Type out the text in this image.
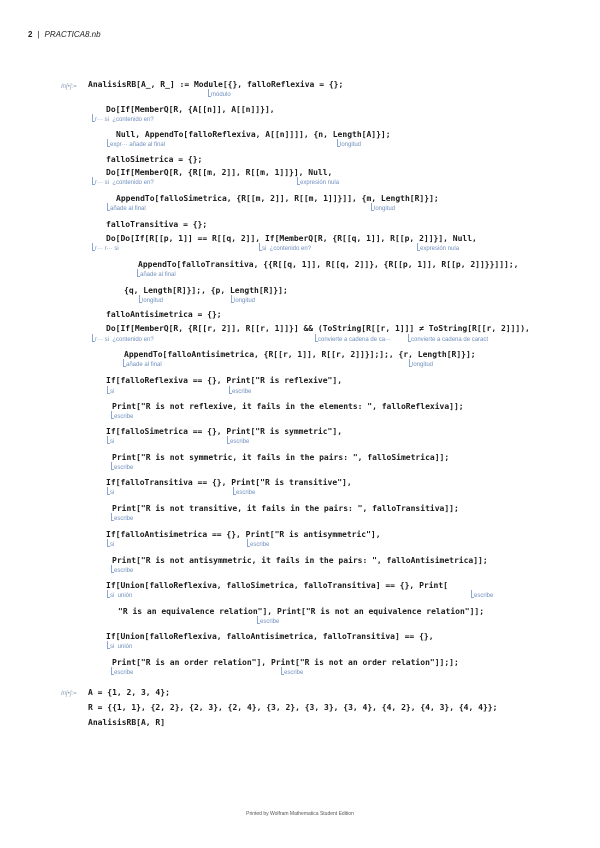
2 | PRACTICA8.nb
In[•]:=
In[•]:=
AnalisisRB[A_, R_] := Module[{}, falloReflexiva = {};
Do[If[MemberQ[R, {A[[n]], A[[n]]}],
Null, AppendTo[falloReflexiva, A[[n]]]], {n, Length[A]}];
falloSimetrica = {};
Do[If[MemberQ[R, {R[[m, 2]], R[[m, 1]]}], Null,
AppendTo[falloSimetrica, {R[[m, 2]], R[[m, 1]]}]], {m, Length[R]}];
falloTransitiva = {};
Do[Do[If[R[[p, 1]] == R[[q, 2]], If[MemberQ[R, {R[[q, 1]], R[[p, 2]]}], Null,
AppendTo[falloTransitiva, {{R[[q, 1]], R[[q, 2]]}, {R[[p, 1]], R[[p, 2]]}}]]];,
{q, Length[R]}];, {p, Length[R]}];
falloAntisimetrica = {};
Do[If[MemberQ[R, {R[[r, 2]], R[[r, 1]]}] && (ToString[R[[r, 1]]] ≠ ToString[R[[r, 2]]]),
AppendTo[falloAntisimetrica, {R[[r, 1]], R[[r, 2]]}];];, {r, Length[R]}];
If[falloReflexiva == {}, Print["R is reflexive"],
Print["R is not reflexive, it fails in the elements: ", falloReflexiva]];
If[falloSimetrica == {}, Print["R is symmetric"],
Print["R is not symmetric, it fails in the pairs: ", falloSimetrica]];
If[falloTransitiva == {}, Print["R is transitive"],
Print["R is not transitive, it fails in the pairs: ", falloTransitiva]];
If[falloAntisimetrica == {}, Print["R is antisymmetric"],
Print["R is not antisymmetric, it fails in the pairs: ", falloAntisimetrica]];
If[Union[falloReflexiva, falloSimetrica, falloTransitiva] == {}, Print[
"R is an equivalence relation"], Print["R is not an equivalence relation"]];
If[Union[falloReflexiva, falloAntisimetrica, falloTransitiva] == {},
Print["R is an order relation"], Print["R is not an order relation"]];];
A = {1, 2, 3, 4};
R = {{1, 1}, {2, 2}, {2, 3}, {2, 4}, {3, 2}, {3, 3}, {3, 4}, {4, 2}, {4, 3}, {4, 4}};
AnalisisRB[A, R]
módulo
r··· si  ¿contenido en?
expr··· añade al final	longitud
r··· si  ¿contenido en?	expresión nula
añade al final	longitud
r··· r··· si	si  ¿contenido en?	expresión nula
añade al final
longitud	longitud
r··· si  ¿contenido en?	convierte a cadena de ca···	convierte a cadena de caract
añade al final	longitud
si	escribe
escribe
si	escribe
escribe
si	escribe
escribe
si	escribe
escribe
si  unión	escribe
escribe
si  unión
escribe	escribe
Printed by Wolfram Mathematica Student Edition
